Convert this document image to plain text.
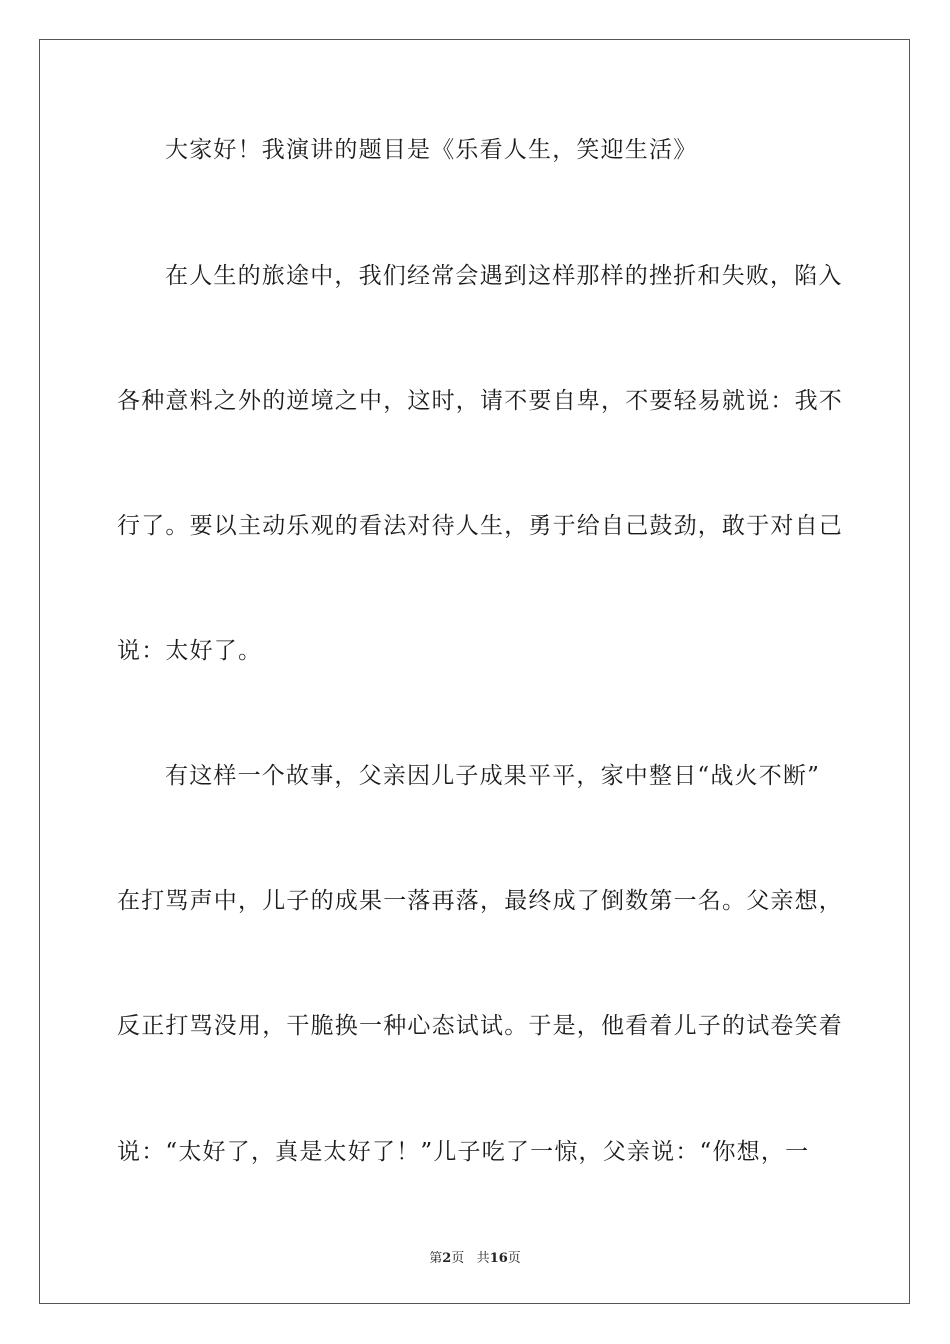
大家好！我演讲的题目是《乐看人生，笑迎生活》
在人生的旅途中，我们经常会遇到这样那样的挫折和失败，陷入
各种意料之外的逆境之中，这时，请不要自卑，不要轻易就说：我不
行了。要以主动乐观的看法对待人生，勇于给自己鼓劲，敢于对自己
说：太好了。
有这样一个故事，父亲因儿子成果平平，家中整日“战火不断”
在打骂声中，儿子的成果一落再落，最终成了倒数第一名。父亲想，
反正打骂没用，干脆换一种心态试试。于是，他看着儿子的试卷笑着
说：“太好了，真是太好了！”儿子吃了一惊，父亲说：“你想，一
第2页 共16页
